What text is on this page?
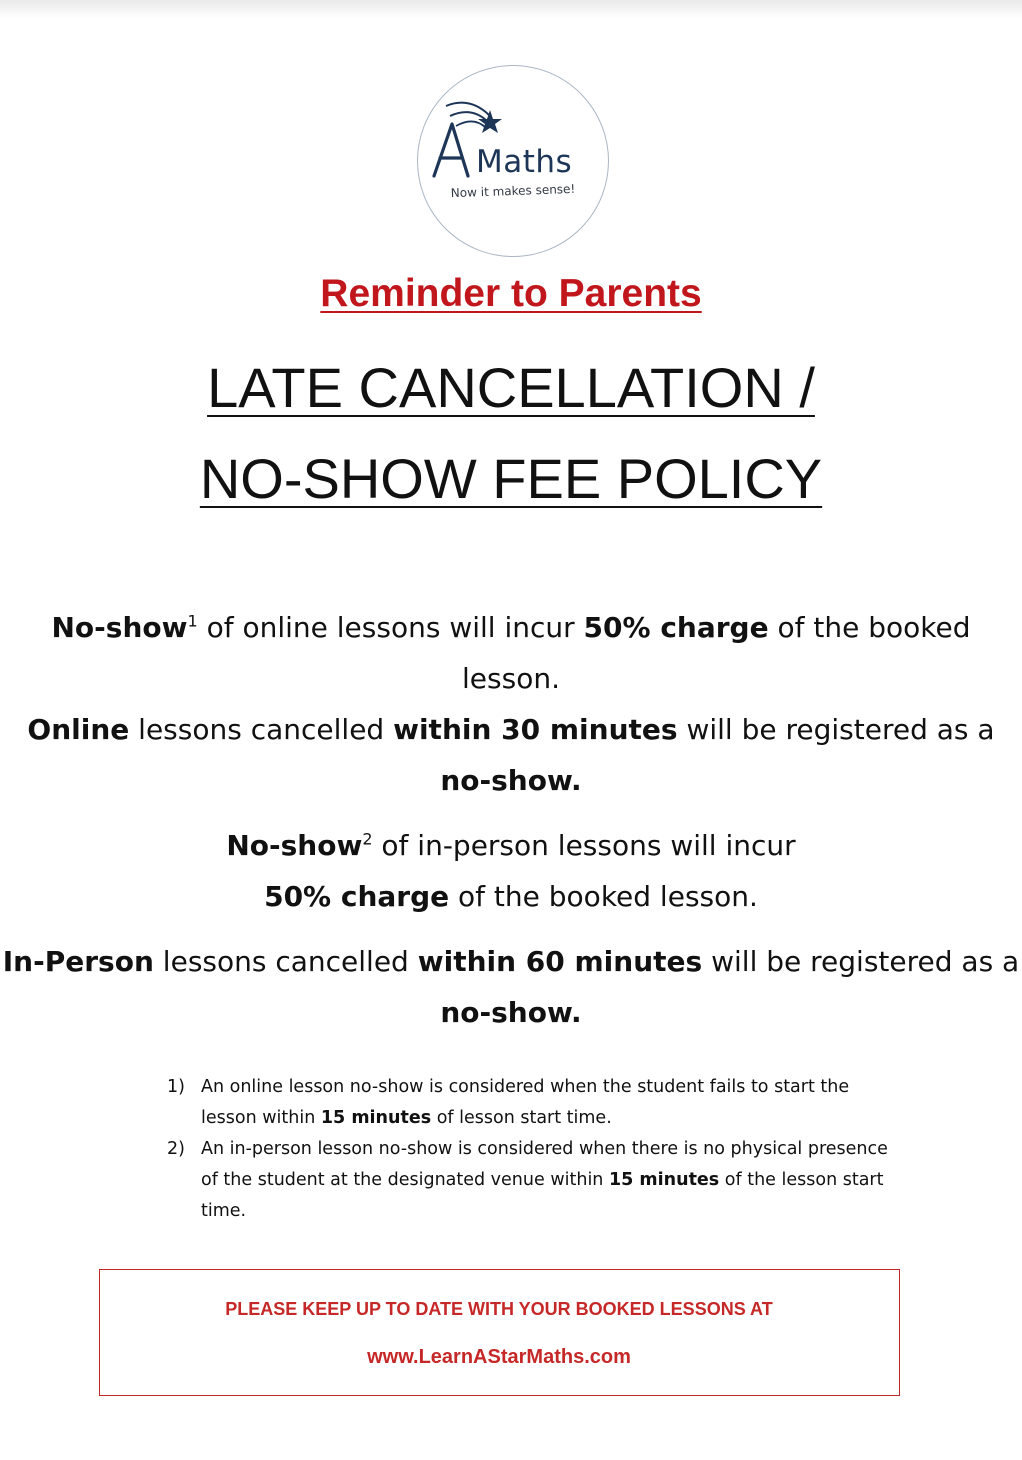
Maths
Now it makes sense!
Reminder to Parents
LATE CANCELLATION /
NO-SHOW FEE POLICY
No-show$^1$ of online lessons will incur 50% charge of the booked lesson.
Online lessons cancelled within 30 minutes will be registered as a no-show.
No-show$^2$ of in-person lessons will incur
50% charge of the booked lesson.
In-Person lessons cancelled within 60 minutes will be registered as a no-show.
1) An online lesson no-show is considered when the student fails to start the lesson within 15 minutes of lesson start time.
2) An in-person lesson no-show is considered when there is no physical presence of the student at the designated venue within 15 minutes of the lesson start time.
PLEASE KEEP UP TO DATE WITH YOUR BOOKED LESSONS AT
www.LearnAStarMaths.com
